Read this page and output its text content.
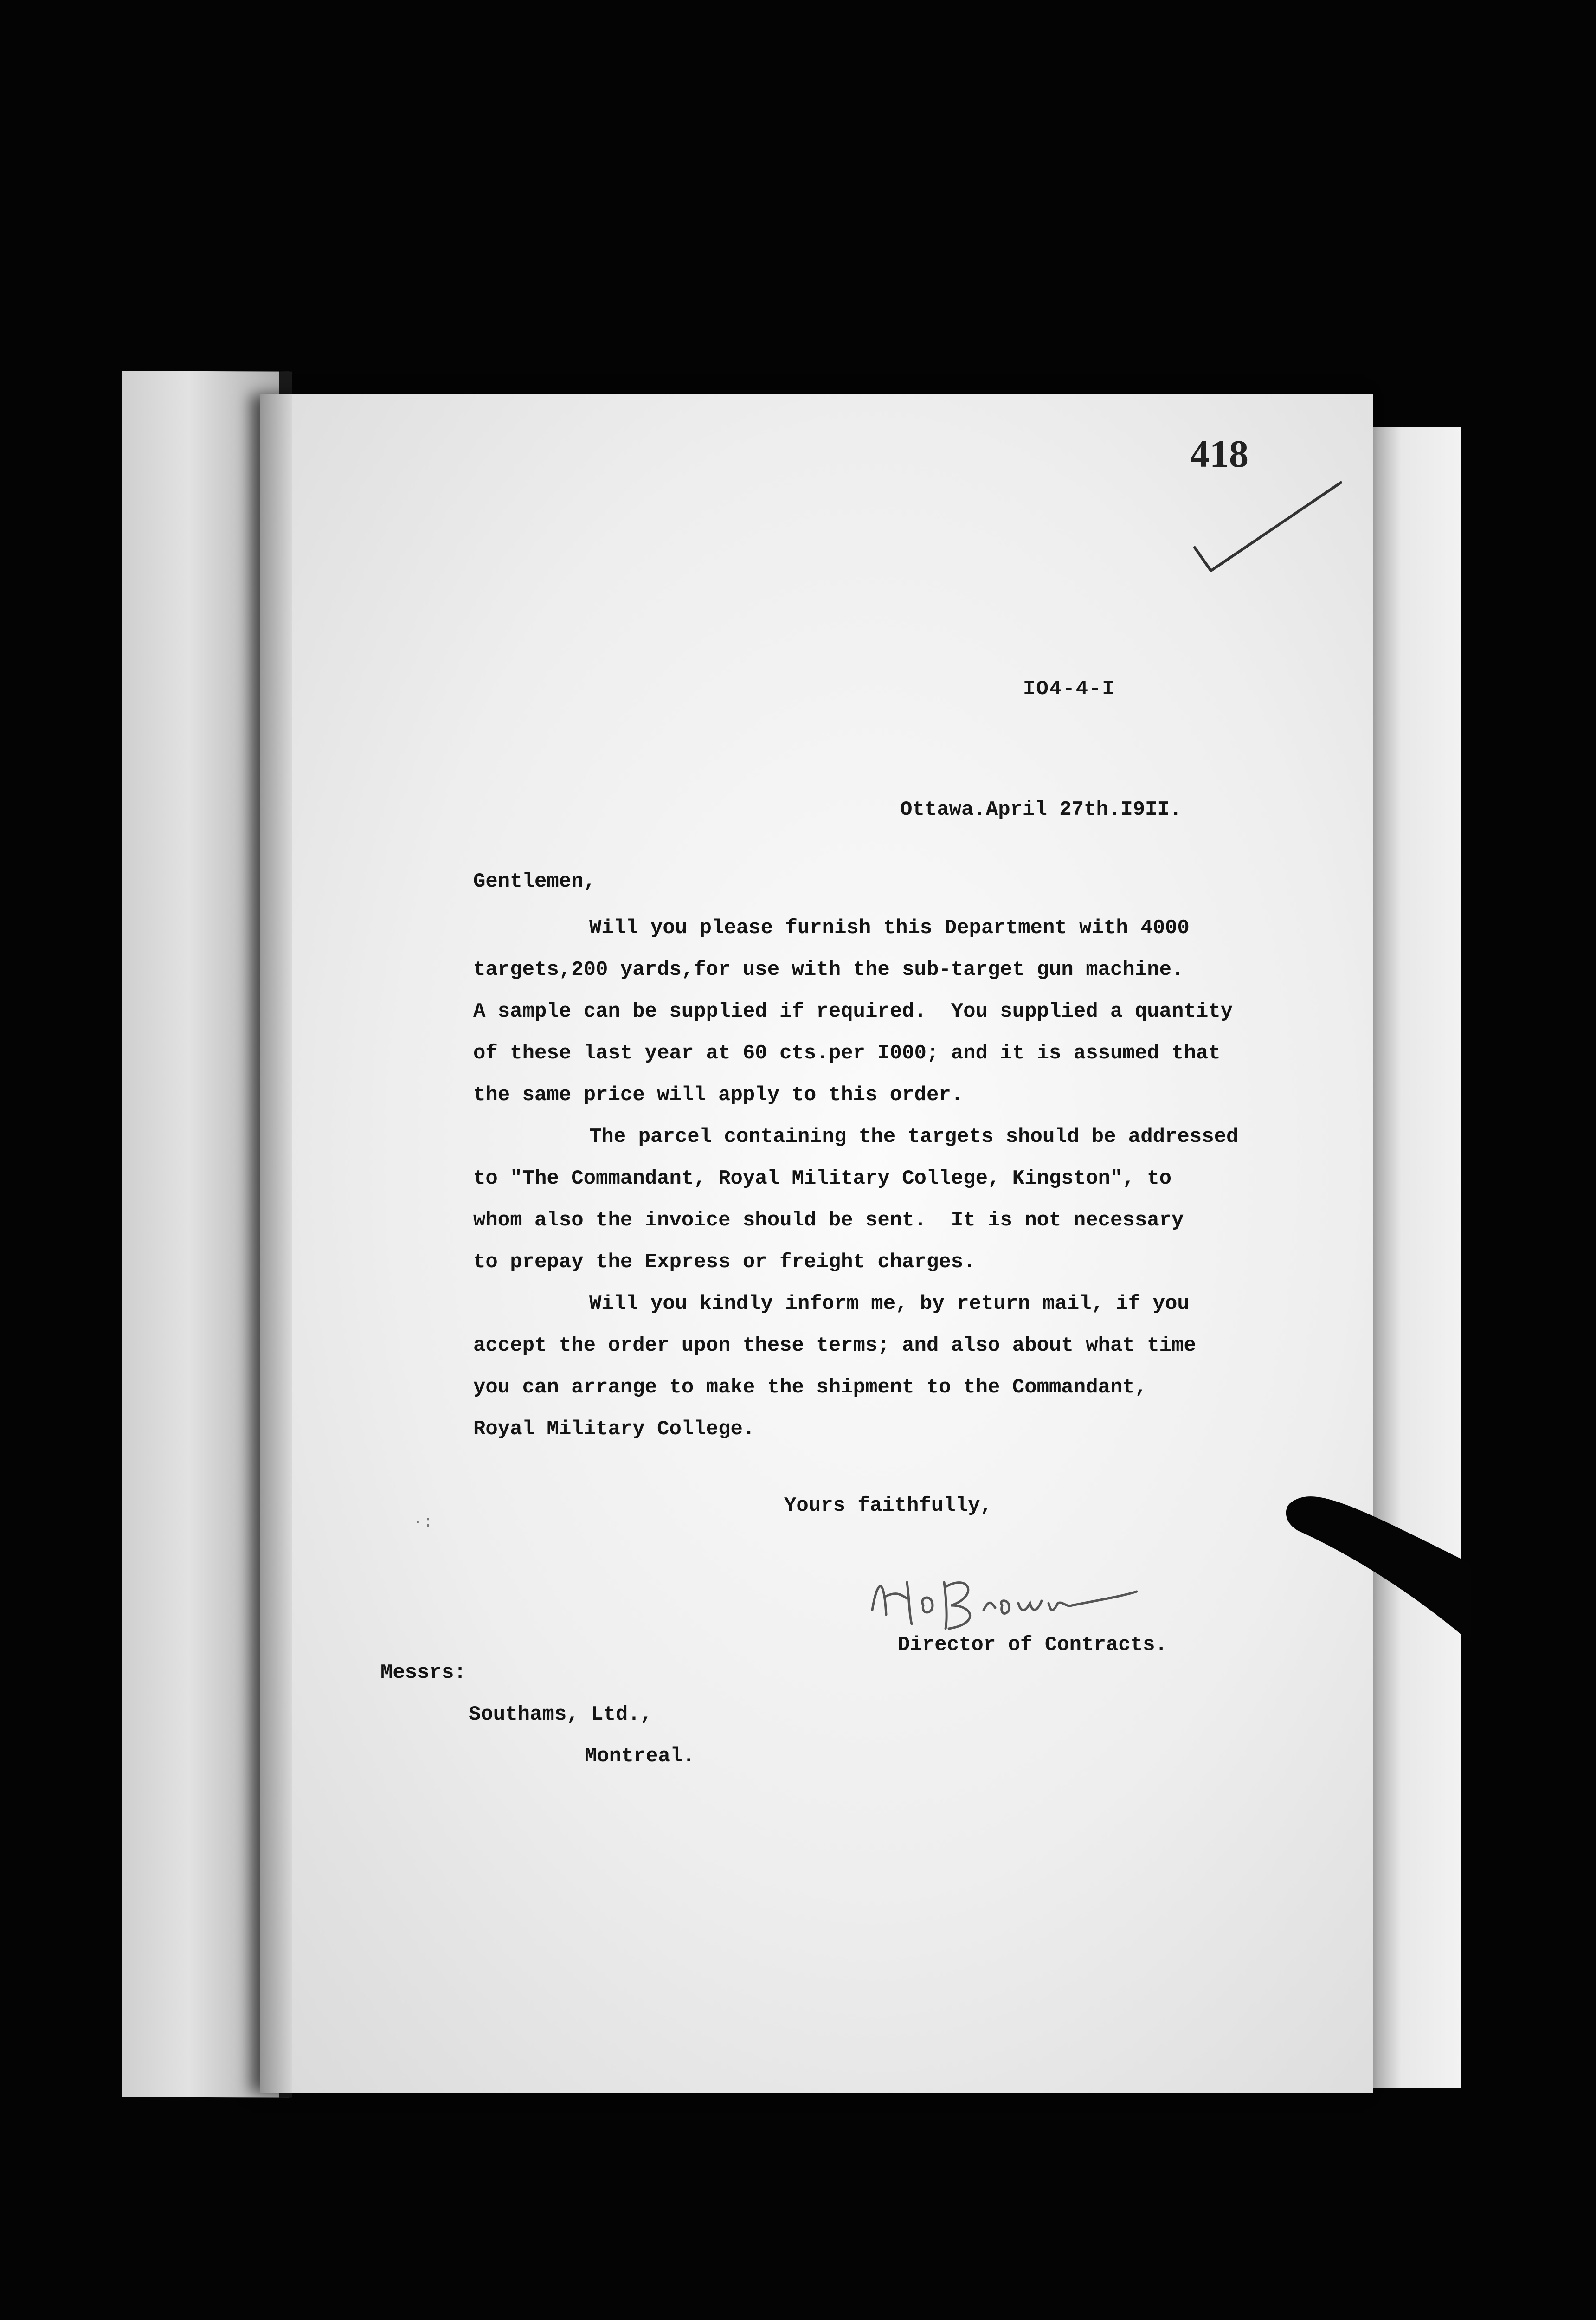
418
IO4-4-I
Ottawa.April 27th.I9II.
Gentlemen,
Will you please furnish this Department with 4000
targets,200 yards,for use with the sub-target gun machine.
A sample can be supplied if required.  You supplied a quantity
of these last year at 60 cts.per I000; and it is assumed that
the same price will apply to this order.
The parcel containing the targets should be addressed
to "The Commandant, Royal Military College, Kingston", to
whom also the invoice should be sent.  It is not necessary
to prepay the Express or freight charges.
Will you kindly inform me, by return mail, if you
accept the order upon these terms; and also about what time
you can arrange to make the shipment to the Commandant,
Royal Military College.
·:
Yours faithfully,
Director of Contracts.
Messrs:
Southams, Ltd.,
Montreal.
